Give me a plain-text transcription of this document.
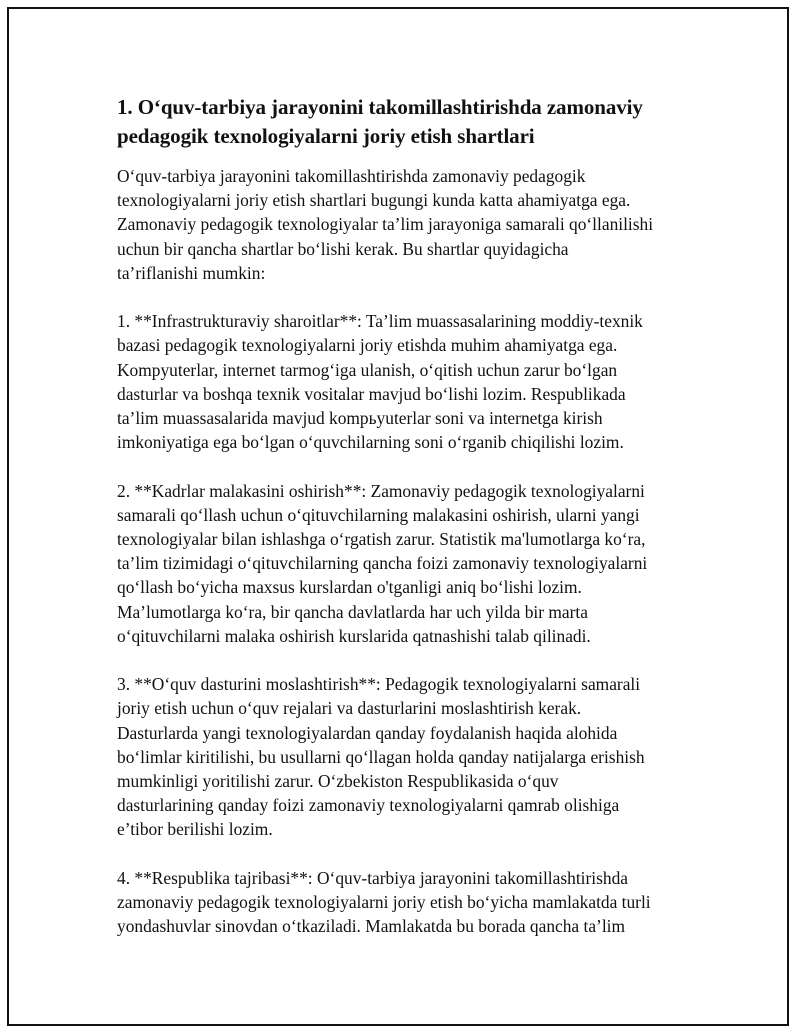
1. O‘quv-tarbiya jarayonini takomillashtirishda zamonaviy
pedagogik texnologiyalarni joriy etish shartlari

O‘quv-tarbiya jarayonini takomillashtirishda zamonaviy pedagogik
texnologiyalarni joriy etish shartlari bugungi kunda katta ahamiyatga ega.
Zamonaviy pedagogik texnologiyalar ta’lim jarayoniga samarali qo‘llanilishi
uchun bir qancha shartlar bo‘lishi kerak. Bu shartlar quyidagicha
ta’riflanishi mumkin:

1. **Infrastrukturaviy sharoitlar**: Ta’lim muassasalarining moddiy-texnik
bazasi pedagogik texnologiyalarni joriy etishda muhim ahamiyatga ega.
Kompyuterlar, internet tarmog‘iga ulanish, o‘qitish uchun zarur bo‘lgan
dasturlar va boshqa texnik vositalar mavjud bo‘lishi lozim. Respublikada
ta’lim muassasalarida mavjud kompьyuterlar soni va internetga kirish
imkoniyatiga ega bo‘lgan o‘quvchilarning soni o‘rganib chiqilishi lozim.

2. **Kadrlar malakasini oshirish**: Zamonaviy pedagogik texnologiyalarni
samarali qo‘llash uchun o‘qituvchilarning malakasini oshirish, ularni yangi
texnologiyalar bilan ishlashga o‘rgatish zarur. Statistik ma'lumotlarga ko‘ra,
ta’lim tizimidagi o‘qituvchilarning qancha foizi zamonaviy texnologiyalarni
qo‘llash bo‘yicha maxsus kurslardan o'tganligi aniq bo‘lishi lozim.
Ma’lumotlarga ko‘ra, bir qancha davlatlarda har uch yilda bir marta
o‘qituvchilarni malaka oshirish kurslarida qatnashishi talab qilinadi.

3. **O‘quv dasturini moslashtirish**: Pedagogik texnologiyalarni samarali
joriy etish uchun o‘quv rejalari va dasturlarini moslashtirish kerak.
Dasturlarda yangi texnologiyalardan qanday foydalanish haqida alohida
bo‘limlar kiritilishi, bu usullarni qo‘llagan holda qanday natijalarga erishish
mumkinligi yoritilishi zarur. O‘zbekiston Respublikasida o‘quv
dasturlarining qanday foizi zamonaviy texnologiyalarni qamrab olishiga
e’tibor berilishi lozim.

4. **Respublika tajribasi**: O‘quv-tarbiya jarayonini takomillashtirishda
zamonaviy pedagogik texnologiyalarni joriy etish bo‘yicha mamlakatda turli
yondashuvlar sinovdan o‘tkaziladi. Mamlakatda bu borada qancha ta’lim
